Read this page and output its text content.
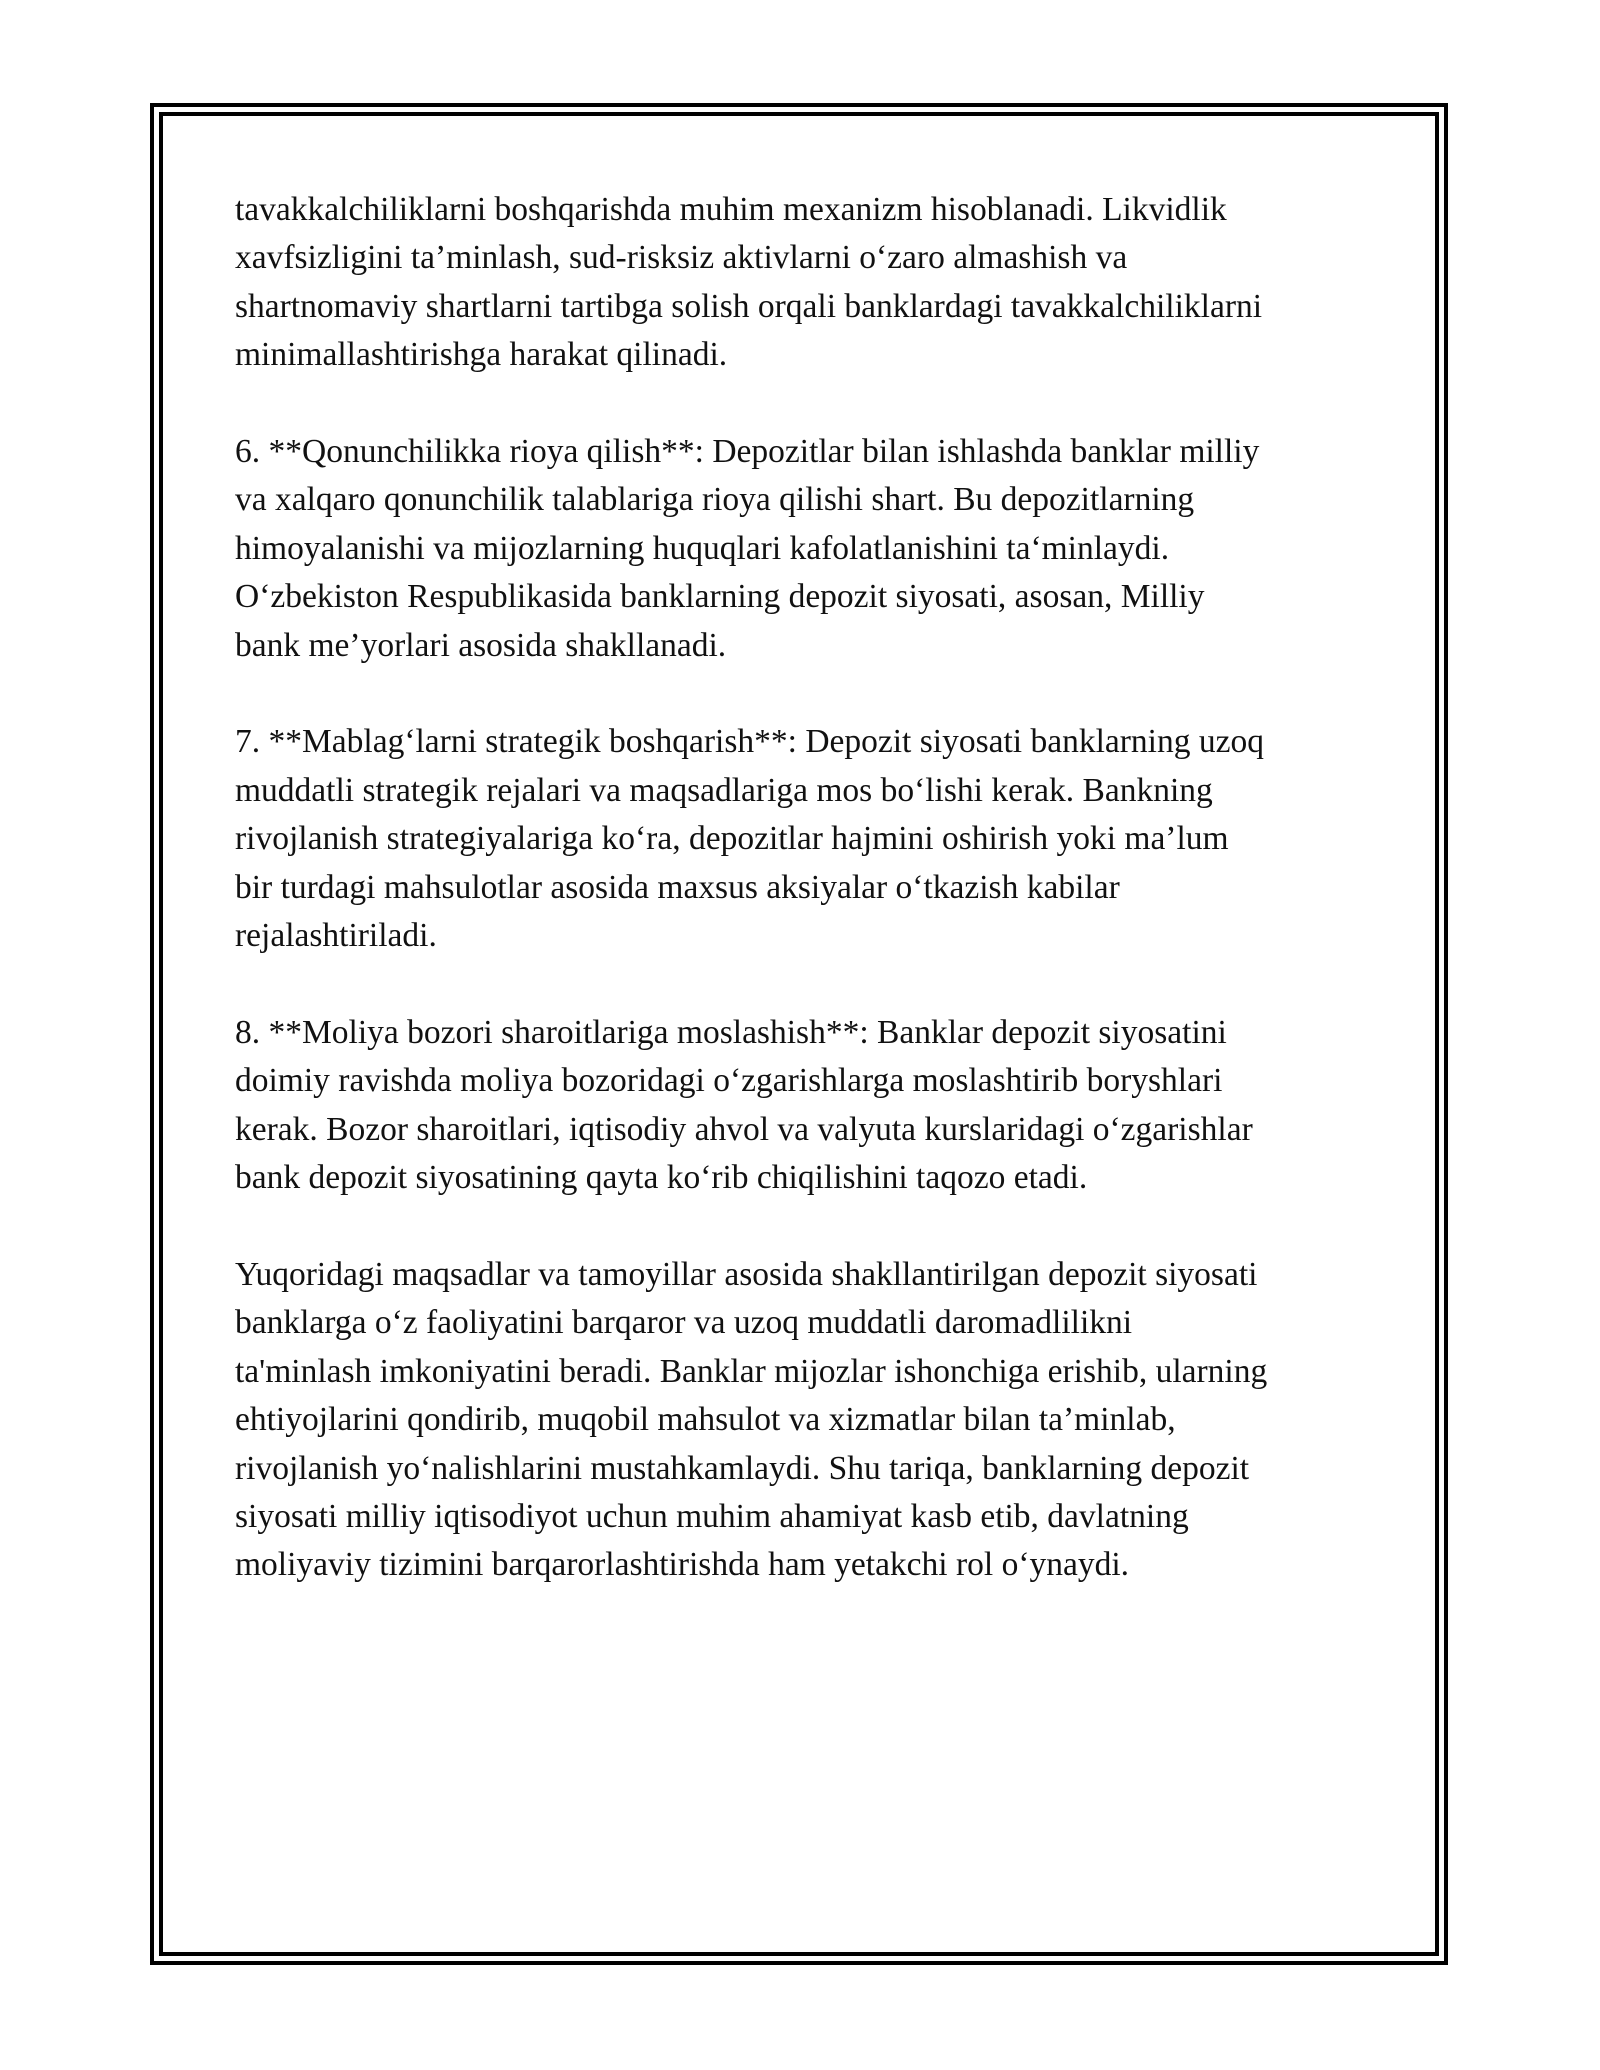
tavakkalchiliklarni boshqarishda muhim mexanizm hisoblanadi. Likvidlik
xavfsizligini ta’minlash, sud-risksiz aktivlarni o‘zaro almashish va
shartnomaviy shartlarni tartibga solish orqali banklardagi tavakkalchiliklarni
minimallashtirishga harakat qilinadi.

6. **Qonunchilikka rioya qilish**: Depozitlar bilan ishlashda banklar milliy
va xalqaro qonunchilik talablariga rioya qilishi shart. Bu depozitlarning
himoyalanishi va mijozlarning huquqlari kafolatlanishini ta‘minlaydi.
O‘zbekiston Respublikasida banklarning depozit siyosati, asosan, Milliy
bank me’yorlari asosida shakllanadi.

7. **Mablag‘larni strategik boshqarish**: Depozit siyosati banklarning uzoq
muddatli strategik rejalari va maqsadlariga mos bo‘lishi kerak. Bankning
rivojlanish strategiyalariga ko‘ra, depozitlar hajmini oshirish yoki ma’lum
bir turdagi mahsulotlar asosida maxsus aksiyalar o‘tkazish kabilar
rejalashtiriladi.

8. **Moliya bozori sharoitlariga moslashish**: Banklar depozit siyosatini
doimiy ravishda moliya bozoridagi o‘zgarishlarga moslashtirib boryshlari
kerak. Bozor sharoitlari, iqtisodiy ahvol va valyuta kurslaridagi o‘zgarishlar
bank depozit siyosatining qayta ko‘rib chiqilishini taqozo etadi.

Yuqoridagi maqsadlar va tamoyillar asosida shakllantirilgan depozit siyosati
banklarga o‘z faoliyatini barqaror va uzoq muddatli daromadlilikni
ta'minlash imkoniyatini beradi. Banklar mijozlar ishonchiga erishib, ularning
ehtiyojlarini qondirib, muqobil mahsulot va xizmatlar bilan ta’minlab,
rivojlanish yo‘nalishlarini mustahkamlaydi. Shu tariqa, banklarning depozit
siyosati milliy iqtisodiyot uchun muhim ahamiyat kasb etib, davlatning
moliyaviy tizimini barqarorlashtirishda ham yetakchi rol o‘ynaydi.
